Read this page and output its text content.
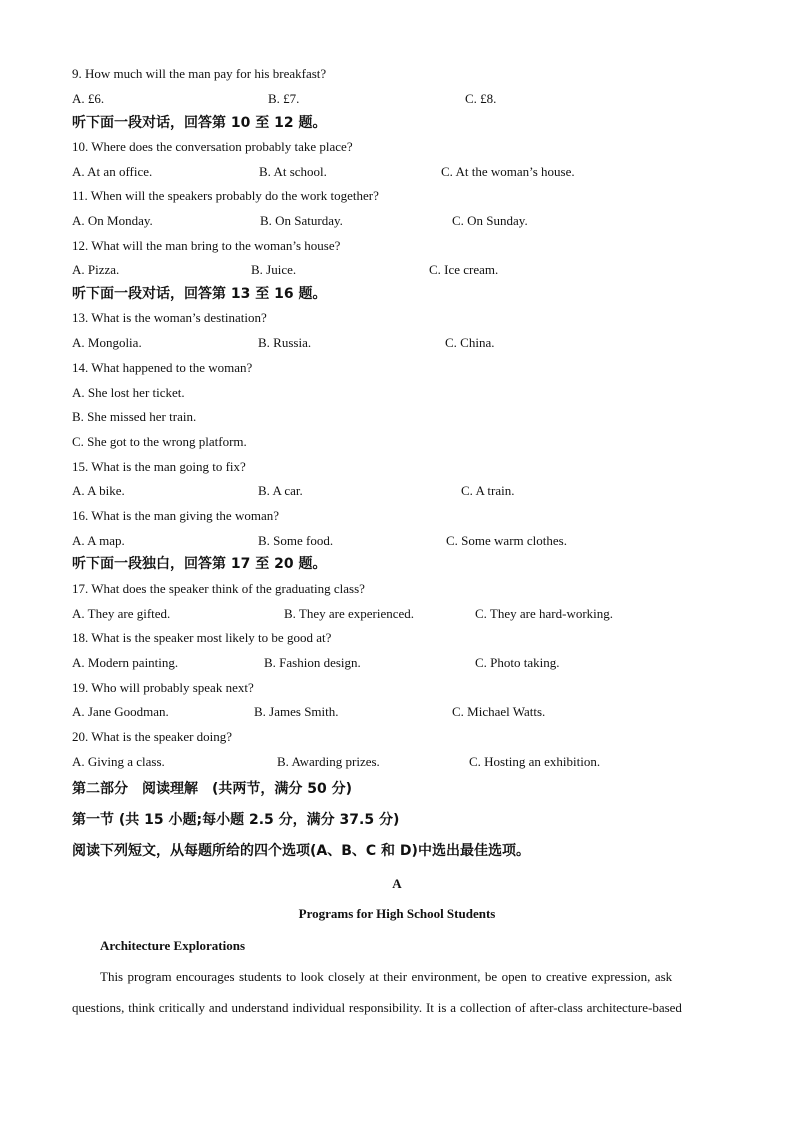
9. How much will the man pay for his breakfast?
A. £6.	B. £7.	C. £8.
听下面一段对话，回答第 10 至 12 题。
10. Where does the conversation probably take place?
A. At an office.	B. At school.	C. At the woman’s house.
11. When will the speakers probably do the work together?
A. On Monday.	B. On Saturday.	C. On Sunday.
12. What will the man bring to the woman’s house?
A. Pizza.	B. Juice.	C. Ice cream.
听下面一段对话，回答第 13 至 16 题。
13. What is the woman’s destination?
A. Mongolia.	B. Russia.	C. China.
14. What happened to the woman?
A. She lost her ticket.
B. She missed her train.
C. She got to the wrong platform.
15. What is the man going to fix?
A. A bike.	B. A car.	C. A train.
16. What is the man giving the woman?
A. A map.	B. Some food.	C. Some warm clothes.
听下面一段独白，回答第 17 至 20 题。
17. What does the speaker think of the graduating class?
A. They are gifted.	B. They are experienced.	C. They are hard-working.
18. What is the speaker most likely to be good at?
A. Modern painting.	B. Fashion design.	C. Photo taking.
19. Who will probably speak next?
A. Jane Goodman.	B. James Smith.	C. Michael Watts.
20. What is the speaker doing?
A. Giving a class.	B. Awarding prizes.	C. Hosting an exhibition.
第二部分　阅读理解　(共两节，满分 50 分)
第一节 (共 15 小题;每小题 2.5 分，满分 37.5 分)
阅读下列短文，从每题所给的四个选项(A、B、C 和 D)中选出最佳选项。
A
Programs for High School Students
Architecture Explorations
This program encourages students to look closely at their environment, be open to creative expression, ask
questions, think critically and understand individual responsibility. It is a collection of after-class architecture-based
